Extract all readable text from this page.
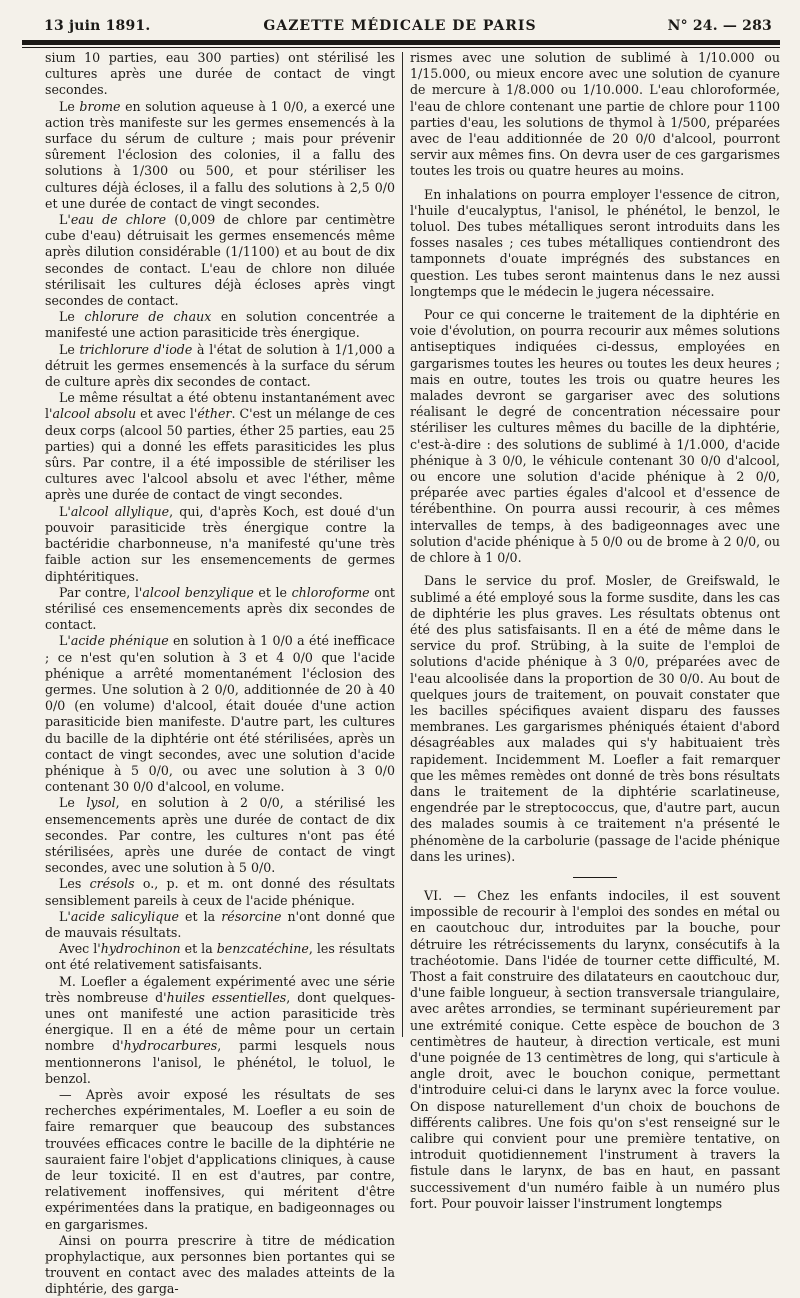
13 juin 1891.	GAZETTE MÉDICALE DE PARIS	N° 24. — 283

sium 10 parties, eau 300 parties) ont stérilisé les cultures après une durée de contact de vingt secondes.

Le brome en solution aqueuse à 1 0/0, a exercé une action très manifeste sur les germes ensemencés à la surface du sérum de culture ; mais pour prévenir sûrement l'éclosion des colonies, il a fallu des solutions à 1/300 ou 500, et pour stériliser les cultures déjà écloses, il a fallu des solutions à 2,5 0/0 et une durée de contact de vingt secondes.

L'eau de chlore (0,009 de chlore par centimètre cube d'eau) détruisait les germes ensemencés même après dilution considérable (1/1100) et au bout de dix secondes de contact. L'eau de chlore non diluée stérilisait les cultures déjà écloses après vingt secondes de contact.

Le chlorure de chaux en solution concentrée a manifesté une action parasiticide très énergique.

Le trichlorure d'iode à l'état de solution à 1/1,000 a détruit les germes ensemencés à la surface du sérum de culture après dix secondes de contact.

Le même résultat a été obtenu instantanément avec l'alcool absolu et avec l'éther. C'est un mélange de ces deux corps (alcool 50 parties, éther 25 parties, eau 25 parties) qui a donné les effets parasiticides les plus sûrs. Par contre, il a été impossible de stériliser les cultures avec l'alcool absolu et avec l'éther, même après une durée de contact de vingt secondes.

L'alcool allylique, qui, d'après Koch, est doué d'un pouvoir parasiticide très énergique contre la bactéridie charbonneuse, n'a manifesté qu'une très faible action sur les ensemencements de germes diphtéritiques.

Par contre, l'alcool benzylique et le chloroforme ont stérilisé ces ensemencements après dix secondes de contact.

L'acide phénique en solution à 1 0/0 a été inefficace ; ce n'est qu'en solution à 3 et 4 0/0 que l'acide phénique a arrêté momentanément l'éclosion des germes. Une solution à 2 0/0, additionnée de 20 à 40 0/0 (en volume) d'alcool, était douée d'une action parasiticide bien manifeste. D'autre part, les cultures du bacille de la diphtérie ont été stérilisées, après un contact de vingt secondes, avec une solution d'acide phénique à 5 0/0, ou avec une solution à 3 0/0 contenant 30 0/0 d'alcool, en volume.

Le lysol, en solution à 2 0/0, a stérilisé les ensemencements après une durée de contact de dix secondes. Par contre, les cultures n'ont pas été stérilisées, après une durée de contact de vingt secondes, avec une solution à 5 0/0.

Les crésols o., p. et m. ont donné des résultats sensiblement pareils à ceux de l'acide phénique.

L'acide salicylique et la résorcine n'ont donné que de mauvais résultats.

Avec l'hydrochinon et la benzcatéchine, les résultats ont été relativement satisfaisants.

M. Loefler a également expérimenté avec une série très nombreuse d'huiles essentielles, dont quelques-unes ont manifesté une action parasiticide très énergique. Il en a été de même pour un certain nombre d'hydrocarbures, parmi lesquels nous mentionnerons l'anisol, le phénétol, le toluol, le benzol.

— Après avoir exposé les résultats de ses recherches expérimentales, M. Loefler a eu soin de faire remarquer que beaucoup des substances trouvées efficaces contre le bacille de la diphtérie ne sauraient faire l'objet d'applications cliniques, à cause de leur toxicité. Il en est d'autres, par contre, relativement inoffensives, qui méritent d'être expérimentées dans la pratique, en badigeonnages ou en gargarismes.

Ainsi on pourra prescrire à titre de médication prophylactique, aux personnes bien portantes qui se trouvent en contact avec des malades atteints de la diphtérie, des garga-

rismes avec une solution de sublimé à 1/10.000 ou 1/15.000, ou mieux encore avec une solution de cyanure de mercure à 1/8.000 ou 1/10.000. L'eau chloroformée, l'eau de chlore contenant une partie de chlore pour 1100 parties d'eau, les solutions de thymol à 1/500, préparées avec de l'eau additionnée de 20 0/0 d'alcool, pourront servir aux mêmes fins. On devra user de ces gargarismes toutes les trois ou quatre heures au moins.

En inhalations on pourra employer l'essence de citron, l'huile d'eucalyptus, l'anisol, le phénétol, le benzol, le toluol. Des tubes métalliques seront introduits dans les fosses nasales ; ces tubes métalliques contiendront des tamponnets d'ouate imprégnés des substances en question. Les tubes seront maintenus dans le nez aussi longtemps que le médecin le jugera nécessaire.

Pour ce qui concerne le traitement de la diphtérie en voie d'évolution, on pourra recourir aux mêmes solutions antiseptiques indiquées ci-dessus, employées en gargarismes toutes les heures ou toutes les deux heures ; mais en outre, toutes les trois ou quatre heures les malades devront se gargariser avec des solutions réalisant le degré de concentration nécessaire pour stériliser les cultures mêmes du bacille de la diphtérie, c'est-à-dire : des solutions de sublimé à 1/1.000, d'acide phénique à 3 0/0, le véhicule contenant 30 0/0 d'alcool, ou encore une solution d'acide phénique à 2 0/0, préparée avec parties égales d'alcool et d'essence de térébenthine. On pourra aussi recourir, à ces mêmes intervalles de temps, à des badigeonnages avec une solution d'acide phénique à 5 0/0 ou de brome à 2 0/0, ou de chlore à 1 0/0.

Dans le service du prof. Mosler, de Greifswald, le sublimé a été employé sous la forme susdite, dans les cas de diphtérie les plus graves. Les résultats obtenus ont été des plus satisfaisants. Il en a été de même dans le service du prof. Strübing, à la suite de l'emploi de solutions d'acide phénique à 3 0/0, préparées avec de l'eau alcoolisée dans la proportion de 30 0/0. Au bout de quelques jours de traitement, on pouvait constater que les bacilles spécifiques avaient disparu des fausses membranes. Les gargarismes phéniqués étaient d'abord désagréables aux malades qui s'y habituaient très rapidement. Incidemment M. Loefler a fait remarquer que les mêmes remèdes ont donné de très bons résultats dans le traitement de la diphtérie scarlatineuse, engendrée par le streptococcus, que, d'autre part, aucun des malades soumis à ce traitement n'a présenté le phénomène de la carbolurie (passage de l'acide phénique dans les urines).

VI. — Chez les enfants indociles, il est souvent impossible de recourir à l'emploi des sondes en métal ou en caoutchouc dur, introduites par la bouche, pour détruire les rétrécissements du larynx, consécutifs à la trachéotomie. Dans l'idée de tourner cette difficulté, M. Thost a fait construire des dilatateurs en caoutchouc dur, d'une faible longueur, à section transversale triangulaire, avec arêtes arrondies, se terminant supérieurement par une extrémité conique. Cette espèce de bouchon de 3 centimètres de hauteur, à direction verticale, est muni d'une poignée de 13 centimètres de long, qui s'articule à angle droit, avec le bouchon conique, permettant d'introduire celui-ci dans le larynx avec la force voulue. On dispose naturellement d'un choix de bouchons de différents calibres. Une fois qu'on s'est renseigné sur le calibre qui convient pour une première tentative, on introduit quotidiennement l'instrument à travers la fistule dans le larynx, de bas en haut, en passant successivement d'un numéro faible à un numéro plus fort. Pour pouvoir laisser l'instrument longtemps
